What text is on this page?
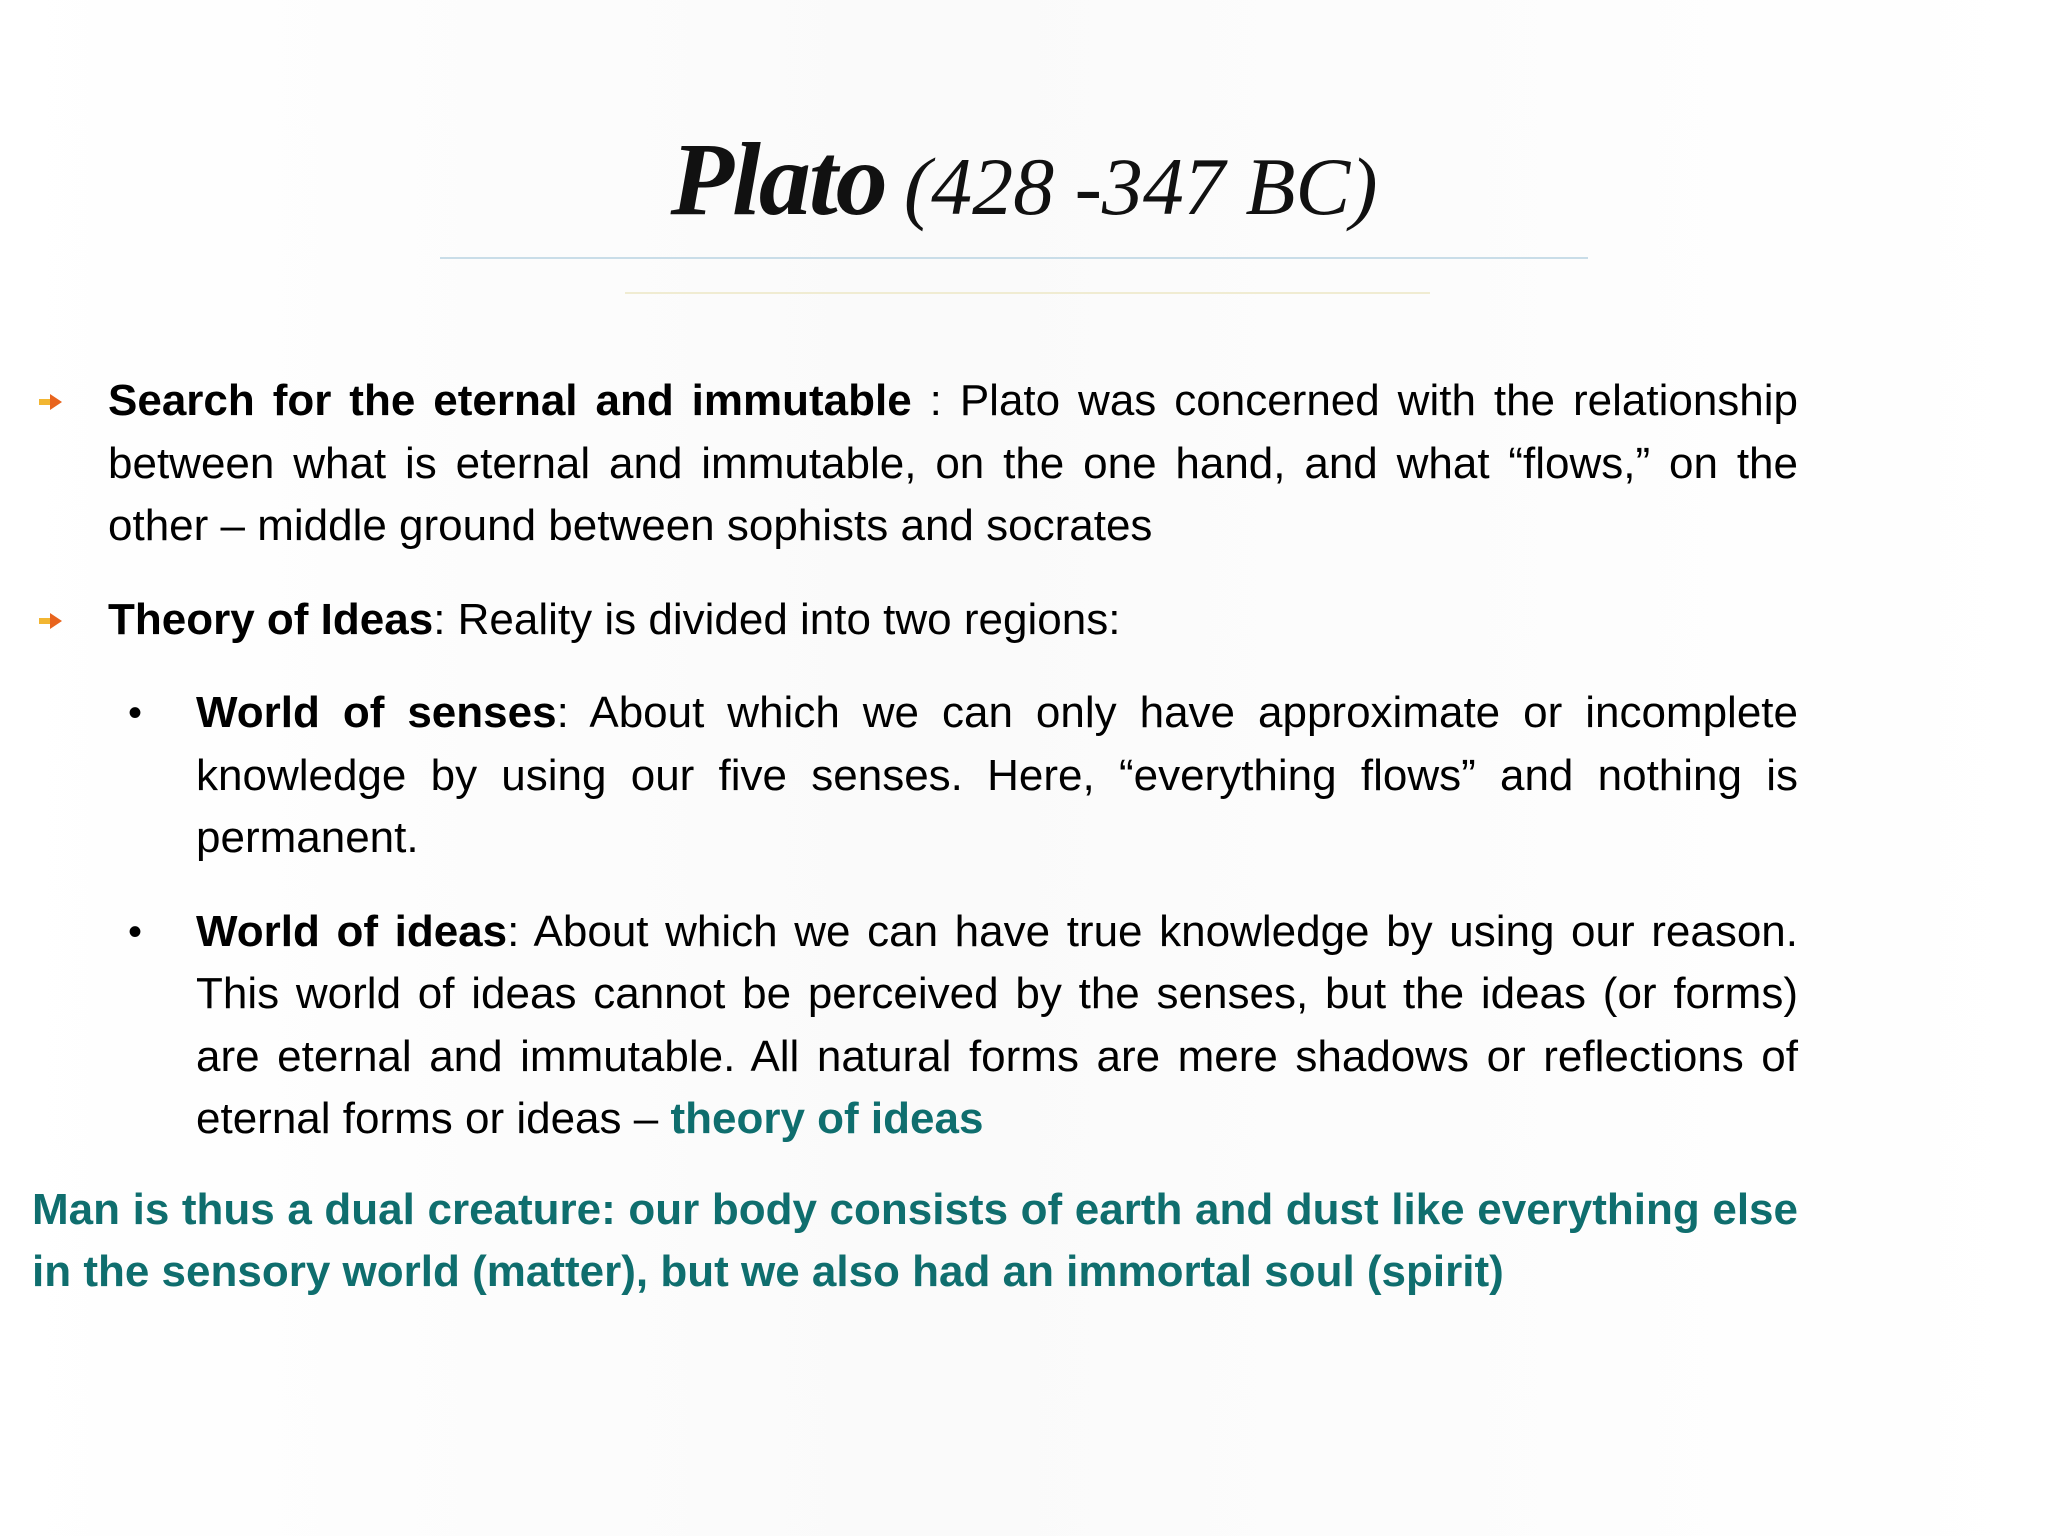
Plato (428 -347 BC)
Search for the eternal and immutable : Plato was concerned with the relationship between what is eternal and immutable, on the one hand, and what “flows,” on the other – middle ground between sophists and socrates
Theory of Ideas: Reality is divided into two regions:
• World of senses: About which we can only have approximate or incomplete knowledge by using our five senses. Here, “everything flows” and nothing is permanent.
• World of ideas: About which we can have true knowledge by using our reason. This world of ideas cannot be perceived by the senses, but the ideas (or forms) are eternal and immutable. All natural forms are mere shadows or reflections of eternal forms or ideas – theory of ideas
Man is thus a dual creature: our body consists of earth and dust like everything else in the sensory world (matter), but we also had an immortal soul (spirit)
